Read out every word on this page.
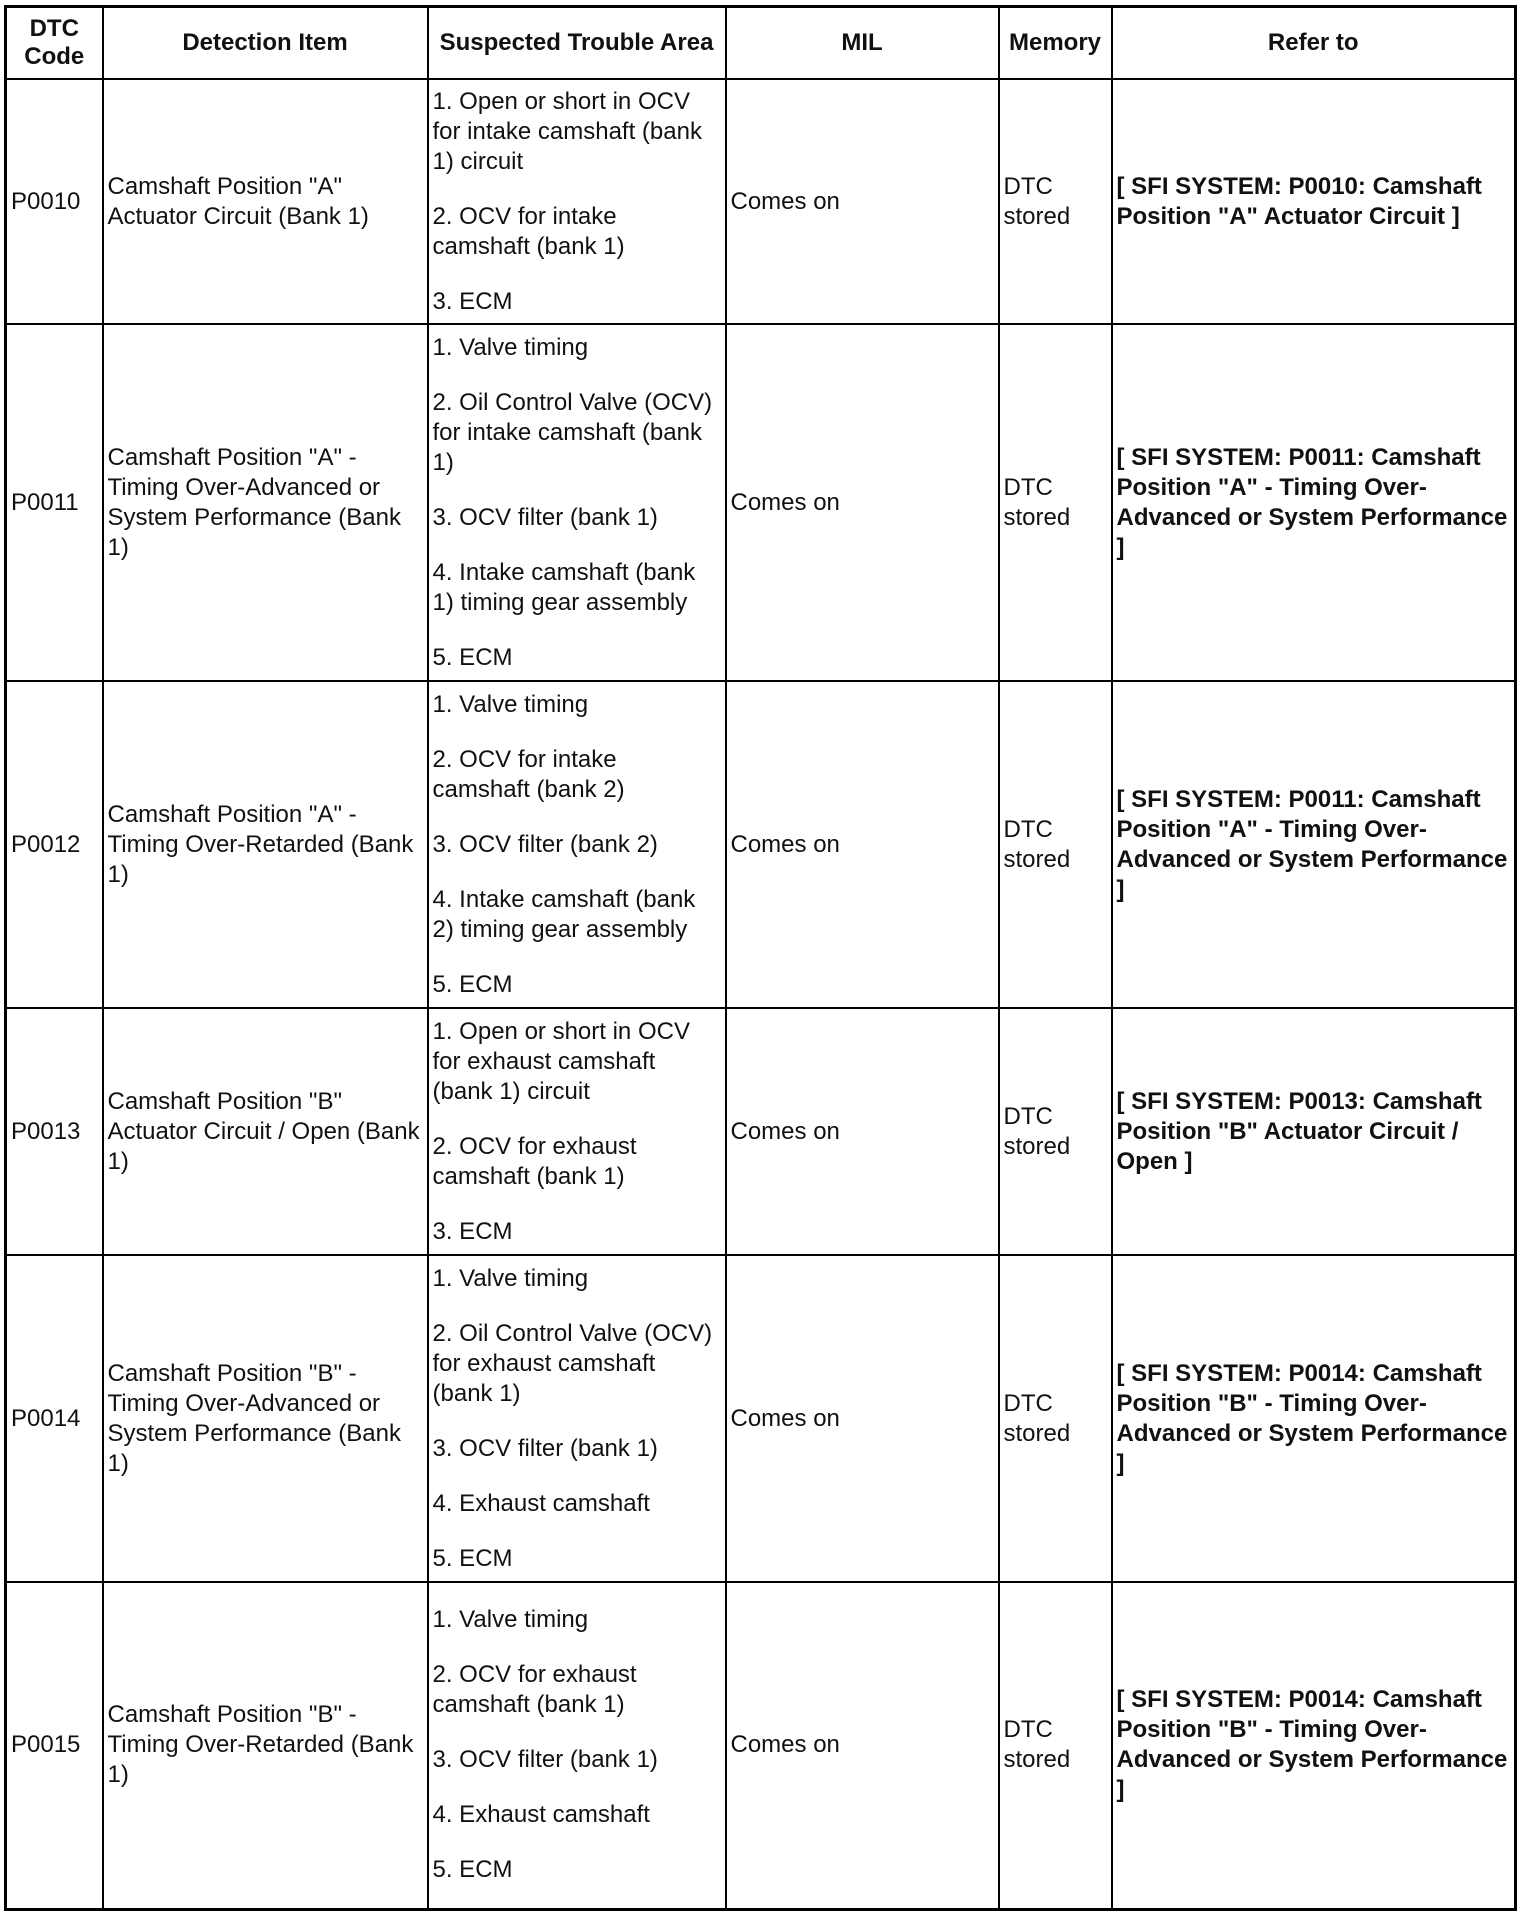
DTC Code	Detection Item	Suspected Trouble Area	MIL	Memory	Refer to
P0010	Camshaft Position "A" Actuator Circuit (Bank 1)	1. Open or short in OCV for intake camshaft (bank 1) circuit

2. OCV for intake camshaft (bank 1)

3. ECM	Comes on	DTC stored	[ SFI SYSTEM: P0010: Camshaft Position "A" Actuator Circuit ]
P0011	Camshaft Position "A" - Timing Over-Advanced or System Performance (Bank 1)	1. Valve timing

2. Oil Control Valve (OCV) for intake camshaft (bank 1)

3. OCV filter (bank 1)

4. Intake camshaft (bank 1) timing gear assembly

5. ECM	Comes on	DTC stored	[ SFI SYSTEM: P0011: Camshaft Position "A" - Timing Over-Advanced or System Performance ]
P0012	Camshaft Position "A" - Timing Over-Retarded (Bank 1)	1. Valve timing

2. OCV for intake camshaft (bank 2)

3. OCV filter (bank 2)

4. Intake camshaft (bank 2) timing gear assembly

5. ECM	Comes on	DTC stored	[ SFI SYSTEM: P0011: Camshaft Position "A" - Timing Over-Advanced or System Performance ]
P0013	Camshaft Position "B" Actuator Circuit / Open (Bank 1)	1. Open or short in OCV for exhaust camshaft (bank 1) circuit

2. OCV for exhaust camshaft (bank 1)

3. ECM	Comes on	DTC stored	[ SFI SYSTEM: P0013: Camshaft Position "B" Actuator Circuit / Open ]
P0014	Camshaft Position "B" - Timing Over-Advanced or System Performance (Bank 1)	1. Valve timing

2. Oil Control Valve (OCV) for exhaust camshaft (bank 1)

3. OCV filter (bank 1)

4. Exhaust camshaft

5. ECM	Comes on	DTC stored	[ SFI SYSTEM: P0014: Camshaft Position "B" - Timing Over-Advanced or System Performance ]
P0015	Camshaft Position "B" - Timing Over-Retarded (Bank 1)	1. Valve timing

2. OCV for exhaust camshaft (bank 1)

3. OCV filter (bank 1)

4. Exhaust camshaft

5. ECM	Comes on	DTC stored	[ SFI SYSTEM: P0014: Camshaft Position "B" - Timing Over-Advanced or System Performance ]
